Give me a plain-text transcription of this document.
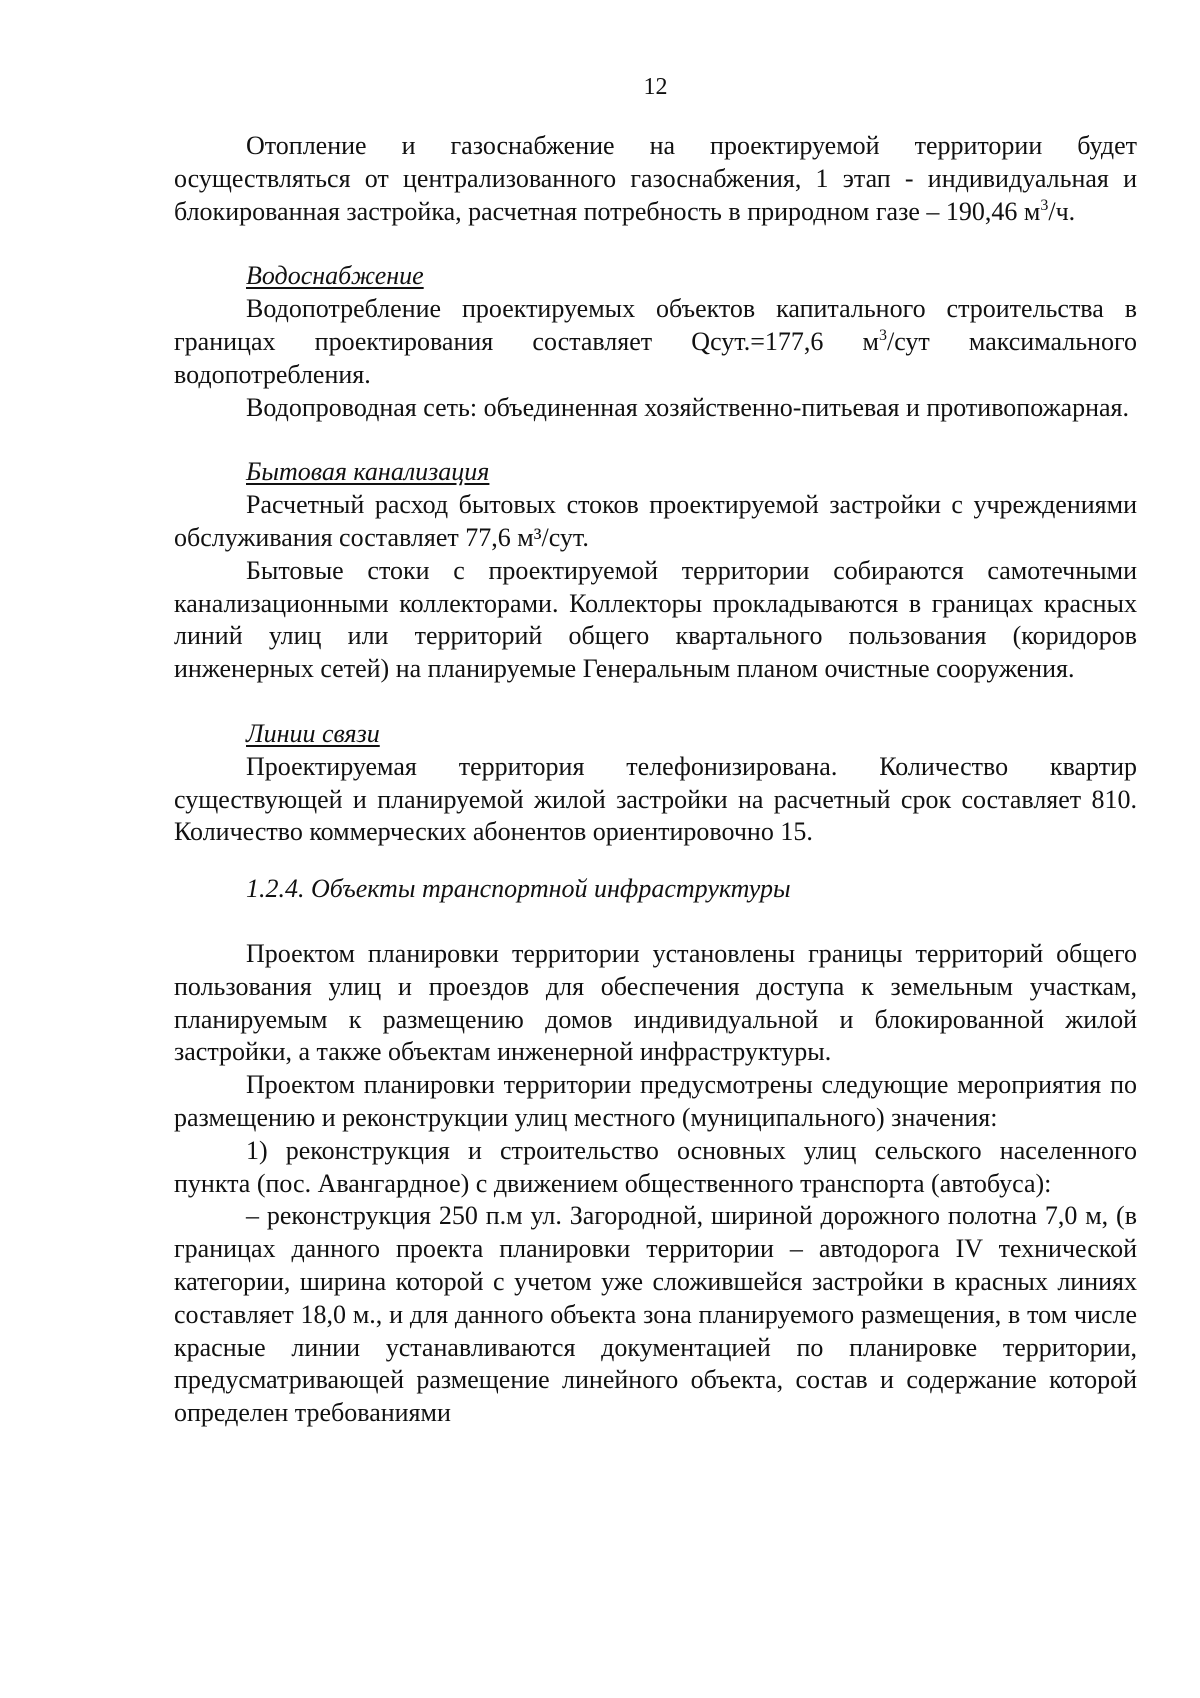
12

Отопление и газоснабжение на проектируемой территории будет осуществляться от централизованного газоснабжения, 1 этап - индивидуальная и блокированная застройка, расчетная потребность в природном газе – 190,46 $м^3/ч$.

Водоснабжение

Водопотребление проектируемых объектов капитального строительства в границах проектирования составляет Qсут.=177,6 $м^3$/сут максимального водопотребления.

Водопроводная сеть: объединенная хозяйственно-питьевая и противопожарная.

Бытовая канализация

Расчетный расход бытовых стоков проектируемой застройки с учреждениями обслуживания составляет 77,6 м³/сут.

Бытовые стоки с проектируемой территории собираются самотечными канализационными коллекторами. Коллекторы прокладываются в границах красных линий улиц или территорий общего квартального пользования (коридоров инженерных сетей) на планируемые Генеральным планом очистные сооружения.

Линии связи

Проектируемая территория телефонизирована. Количество квартир существующей и планируемой жилой застройки на расчетный срок составляет 810. Количество коммерческих абонентов ориентировочно 15.

1.2.4. Объекты транспортной инфраструктуры

Проектом планировки территории установлены границы территорий общего пользования улиц и проездов для обеспечения доступа к земельным участкам, планируемым к размещению домов индивидуальной и блокированной жилой застройки, а также объектам инженерной инфраструктуры.

Проектом планировки территории предусмотрены следующие мероприятия по размещению и реконструкции улиц местного (муниципального) значения:

1) реконструкция и строительство основных улиц сельского населенного пункта (пос. Авангардное) с движением общественного транспорта (автобуса):

– реконструкция 250 п.м ул. Загородной, шириной дорожного полотна 7,0 м, (в границах данного проекта планировки территории – автодорога IV технической категории, ширина которой с учетом уже сложившейся застройки в красных линиях составляет 18,0 м., и для данного объекта зона планируемого размещения, в том числе красные линии устанавливаются документацией по планировке территории, предусматривающей размещение линейного объекта, состав и содержание которой определен требованиями
